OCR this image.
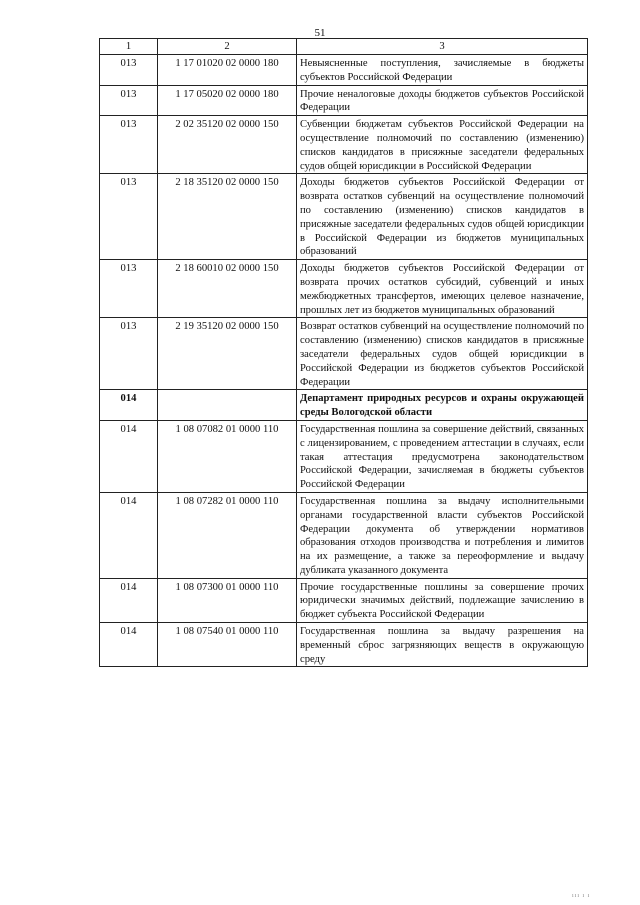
51
1	2	3
013	1 17 01020 02 0000 180	Невыясненные поступления, зачисляемые в бюджеты субъектов Российской Федерации
013	1 17 05020 02 0000 180	Прочие неналоговые доходы бюджетов субъектов Российской Федерации
013	2 02 35120 02 0000 150	Субвенции бюджетам субъектов Российской Федерации на осуществление полномочий по составлению (изменению) списков кандидатов в присяжные заседатели федеральных судов общей юрисдикции в Российской Федерации
013	2 18 35120 02 0000 150	Доходы бюджетов субъектов Российской Федерации от возврата остатков субвенций на осуществление полномочий по составлению (изменению) списков кандидатов в присяжные заседатели федеральных судов общей юрисдикции в Российской Федерации из бюджетов муниципальных образований
013	2 18 60010 02 0000 150	Доходы бюджетов субъектов Российской Федерации от возврата прочих остатков субсидий, субвенций и иных межбюджетных трансфертов, имеющих целевое назначение, прошлых лет из бюджетов муниципальных образований
013	2 19 35120 02 0000 150	Возврат остатков субвенций на осуществление полномочий по составлению (изменению) списков кандидатов в присяжные заседатели федеральных судов общей юрисдикции в Российской Федерации из бюджетов субъектов Российской Федерации
014		Департамент природных ресурсов и охраны окружающей среды Вологодской области
014	1 08 07082 01 0000 110	Государственная пошлина за совершение действий, связанных с лицензированием, с проведением аттестации в случаях, если такая аттестация предусмотрена законодательством Российской Федерации, зачисляемая в бюджеты субъектов Российской Федерации
014	1 08 07282 01 0000 110	Государственная пошлина за выдачу исполнительными органами государственной власти субъектов Российской Федерации документа об утверждении нормативов образования отходов производства и потребления и лимитов на их размещение, а также за переоформление и выдачу дубликата указанного документа
014	1 08 07300 01 0000 110	Прочие государственные пошлины за совершение прочих юридически значимых действий, подлежащие зачислению в бюджет субъекта Российской Федерации
014	1 08 07540 01 0000 110	Государственная пошлина за выдачу разрешения на временный сброс загрязняющих веществ в окружающую среду
ııı ı ı
